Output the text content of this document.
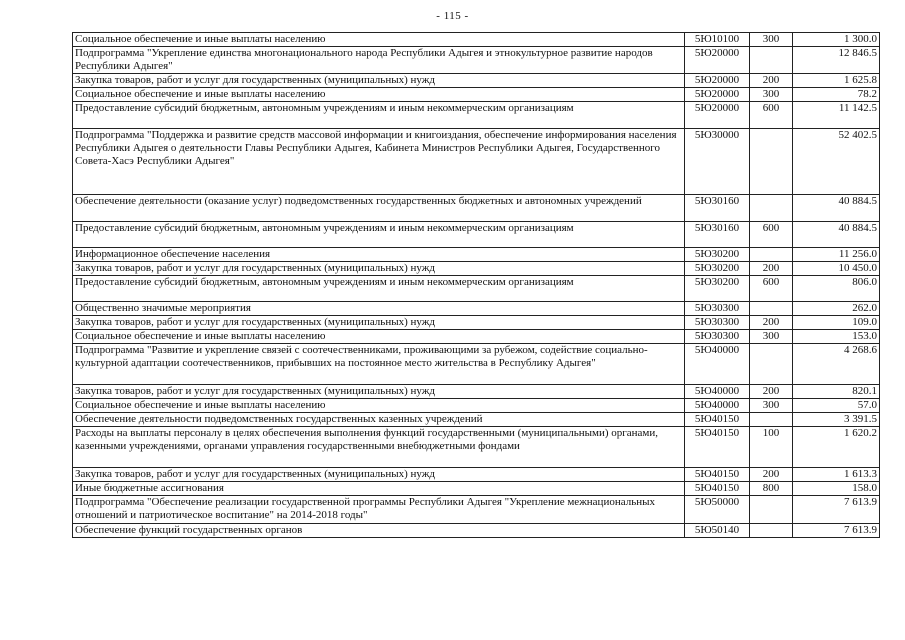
- 115 -
Социальное обеспечение и иные выплаты населению	5Ю10100	300	1 300.0
Подпрограмма "Укрепление единства многонационального народа Республики Адыгея и этнокультурное развитие народов Республики Адыгея"	5Ю20000		12 846.5
Закупка товаров, работ и услуг для государственных (муниципальных) нужд	5Ю20000	200	1 625.8
Социальное обеспечение и иные выплаты населению	5Ю20000	300	78.2
Предоставление субсидий бюджетным, автономным учреждениям и иным некоммерческим организациям	5Ю20000	600	11 142.5
Подпрограмма "Поддержка и развитие средств массовой информации и книгоиздания, обеспечение информирования населения Республики Адыгея о деятельности Главы Республики Адыгея, Кабинета Министров Республики Адыгея, Государственного Совета-Хасэ Республики Адыгея"	5Ю30000		52 402.5
Обеспечение деятельности (оказание услуг) подведомственных государственных бюджетных и автономных учреждений	5Ю30160		40 884.5
Предоставление субсидий бюджетным, автономным учреждениям и иным некоммерческим организациям	5Ю30160	600	40 884.5
Информационное обеспечение населения	5Ю30200		11 256.0
Закупка товаров, работ и услуг для государственных (муниципальных) нужд	5Ю30200	200	10 450.0
Предоставление субсидий бюджетным, автономным учреждениям и иным некоммерческим организациям	5Ю30200	600	806.0
Общественно значимые мероприятия	5Ю30300		262.0
Закупка товаров, работ и услуг для государственных (муниципальных) нужд	5Ю30300	200	109.0
Социальное обеспечение и иные выплаты населению	5Ю30300	300	153.0
Подпрограмма "Развитие и укрепление связей с соотечественниками, проживающими за рубежом, содействие социально-культурной адаптации соотечественников, прибывших на постоянное место жительства в Республику Адыгея"	5Ю40000		4 268.6
Закупка товаров, работ и услуг для государственных (муниципальных) нужд	5Ю40000	200	820.1
Социальное обеспечение и иные выплаты населению	5Ю40000	300	57.0
Обеспечение деятельности подведомственных государственных казенных учреждений	5Ю40150		3 391.5
Расходы на выплаты персоналу в целях обеспечения выполнения функций государственными (муниципальными) органами, казенными учреждениями, органами управления государственными внебюджетными фондами	5Ю40150	100	1 620.2
Закупка товаров, работ и услуг для государственных (муниципальных) нужд	5Ю40150	200	1 613.3
Иные бюджетные ассигнования	5Ю40150	800	158.0
Подпрограмма "Обеспечение реализации государственной программы Республики Адыгея "Укрепление межнациональных отношений и патриотическое воспитание" на 2014-2018 годы"	5Ю50000		7 613.9
Обеспечение функций государственных органов	5Ю50140		7 613.9
